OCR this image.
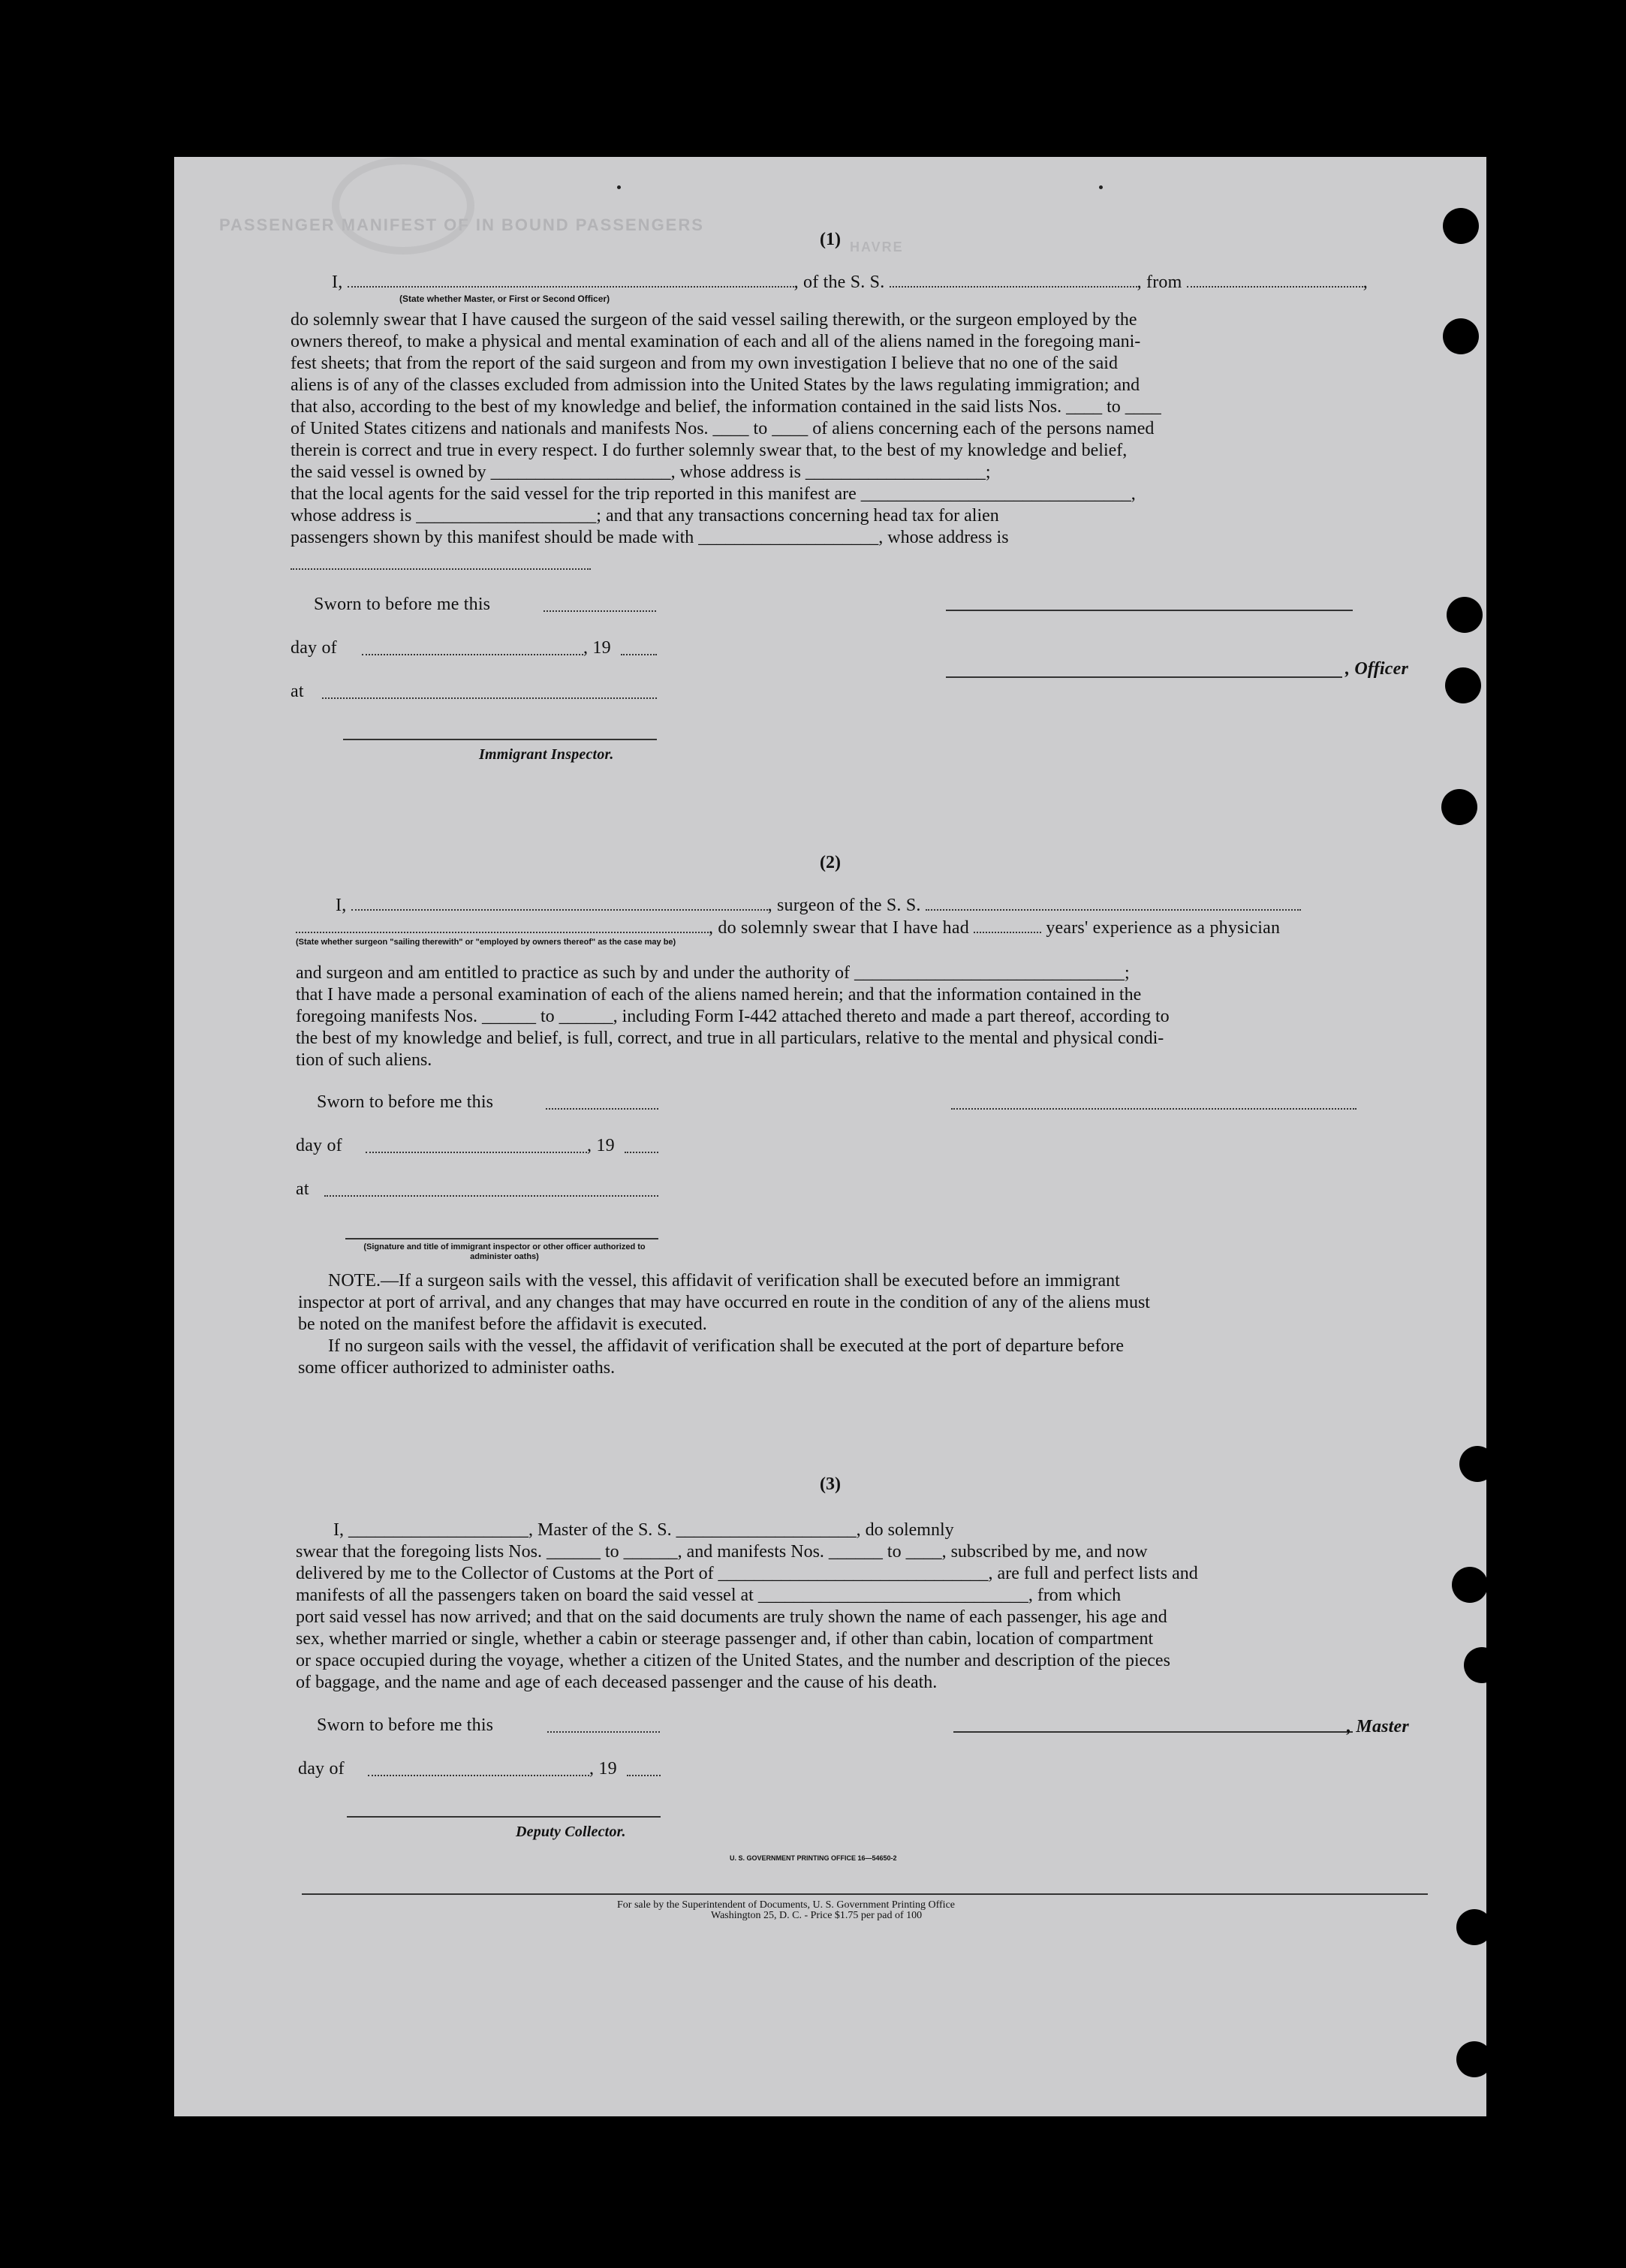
PASSENGER MANIFEST OF IN BOUND PASSENGERS
HAVRE
(1)
I,	, of the S. S.	, from	,
(State whether Master, or First or Second Officer)
do solemnly swear that I have caused the surgeon of the said vessel sailing therewith, or the surgeon employed by the
owners thereof, to make a physical and mental examination of each and all of the aliens named in the foregoing mani-
fest sheets; that from the report of the said surgeon and from my own investigation I believe that no one of the said
aliens is of any of the classes excluded from admission into the United States by the laws regulating immigration; and
that also, according to the best of my knowledge and belief, the information contained in the said lists Nos. ____ to ____
of United States citizens and nationals and manifests Nos. ____ to ____ of aliens concerning each of the persons named
therein is correct and true in every respect. I do further solemnly swear that, to the best of my knowledge and belief,
the said vessel is owned by ____________________, whose address is ____________________;
that the local agents for the said vessel for the trip reported in this manifest are ______________________________,
whose address is ____________________; and that any transactions concerning head tax for alien
passengers shown by this manifest should be made with ____________________, whose address is
Sworn to before me this
day of	, 19
, Officer
at
Immigrant Inspector.
(2)
I,	, surgeon of the S. S.
, do solemnly swear that I have had	years' experience as a physician
(State whether surgeon "sailing therewith" or "employed by owners thereof" as the case may be)
and surgeon and am entitled to practice as such by and under the authority of ______________________________;
that I have made a personal examination of each of the aliens named herein; and that the information contained in the
foregoing manifests Nos. ______ to ______, including Form I-442 attached thereto and made a part thereof, according to
the best of my knowledge and belief, is full, correct, and true in all particulars, relative to the mental and physical condi-
tion of such aliens.
Sworn to before me this
day of	, 19
at
(Signature and title of immigrant inspector or other officer authorized to administer oaths)
NOTE.—If a surgeon sails with the vessel, this affidavit of verification shall be executed before an immigrant
inspector at port of arrival, and any changes that may have occurred en route in the condition of any of the aliens must
be noted on the manifest before the affidavit is executed.
If no surgeon sails with the vessel, the affidavit of verification shall be executed at the port of departure before
some officer authorized to administer oaths.
(3)
I, ____________________, Master of the S. S. ____________________, do solemnly
swear that the foregoing lists Nos. ______ to ______, and manifests Nos. ______ to ____, subscribed by me, and now
delivered by me to the Collector of Customs at the Port of ______________________________, are full and perfect lists and
manifests of all the passengers taken on board the said vessel at ______________________________, from which
port said vessel has now arrived; and that on the said documents are truly shown the name of each passenger, his age and
sex, whether married or single, whether a cabin or steerage passenger and, if other than cabin, location of compartment
or space occupied during the voyage, whether a citizen of the United States, and the number and description of the pieces
of baggage, and the name and age of each deceased passenger and the cause of his death.
Sworn to before me this	, Master
day of	, 19
Deputy Collector.
U. S. GOVERNMENT PRINTING OFFICE 16—54650-2
For sale by the Superintendent of Documents, U. S. Government Printing Office
Washington 25, D. C. - Price $1.75 per pad of 100
